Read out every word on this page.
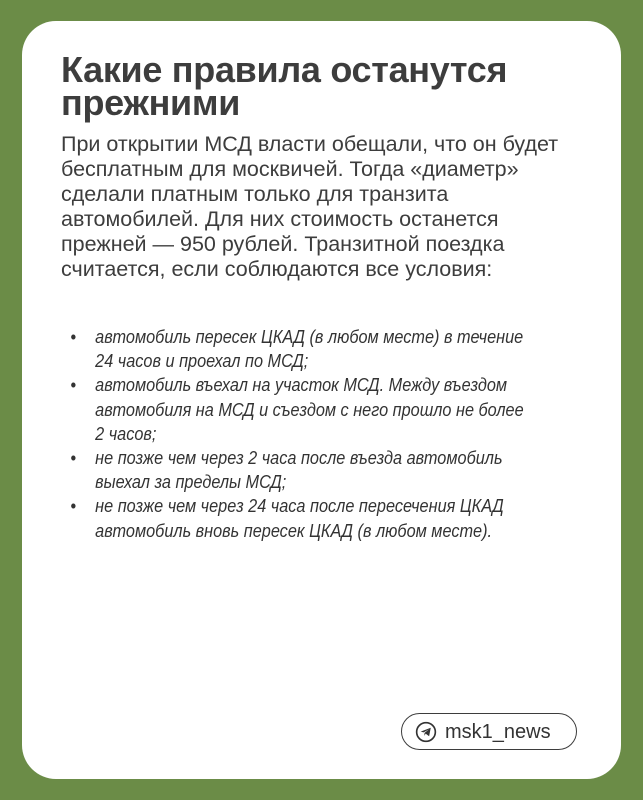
Какие правила останутся прежними

При открытии МСД власти обещали, что он будет бесплатным для москвичей. Тогда «диаметр» сделали платным только для транзита автомобилей. Для них стоимость останется прежней — 950 рублей. Транзитной поездка считается, если соблюдаются все условия:

• автомобиль пересек ЦКАД (в любом месте) в течение 24 часов и проехал по МСД;
• автомобиль въехал на участок МСД. Между въездом автомобиля на МСД и съездом с него прошло не более 2 часов;
• не позже чем через 2 часа после въезда автомобиль выехал за пределы МСД;
• не позже чем через 24 часа после пересечения ЦКАД автомобиль вновь пересек ЦКАД (в любом месте).
msk1_news
